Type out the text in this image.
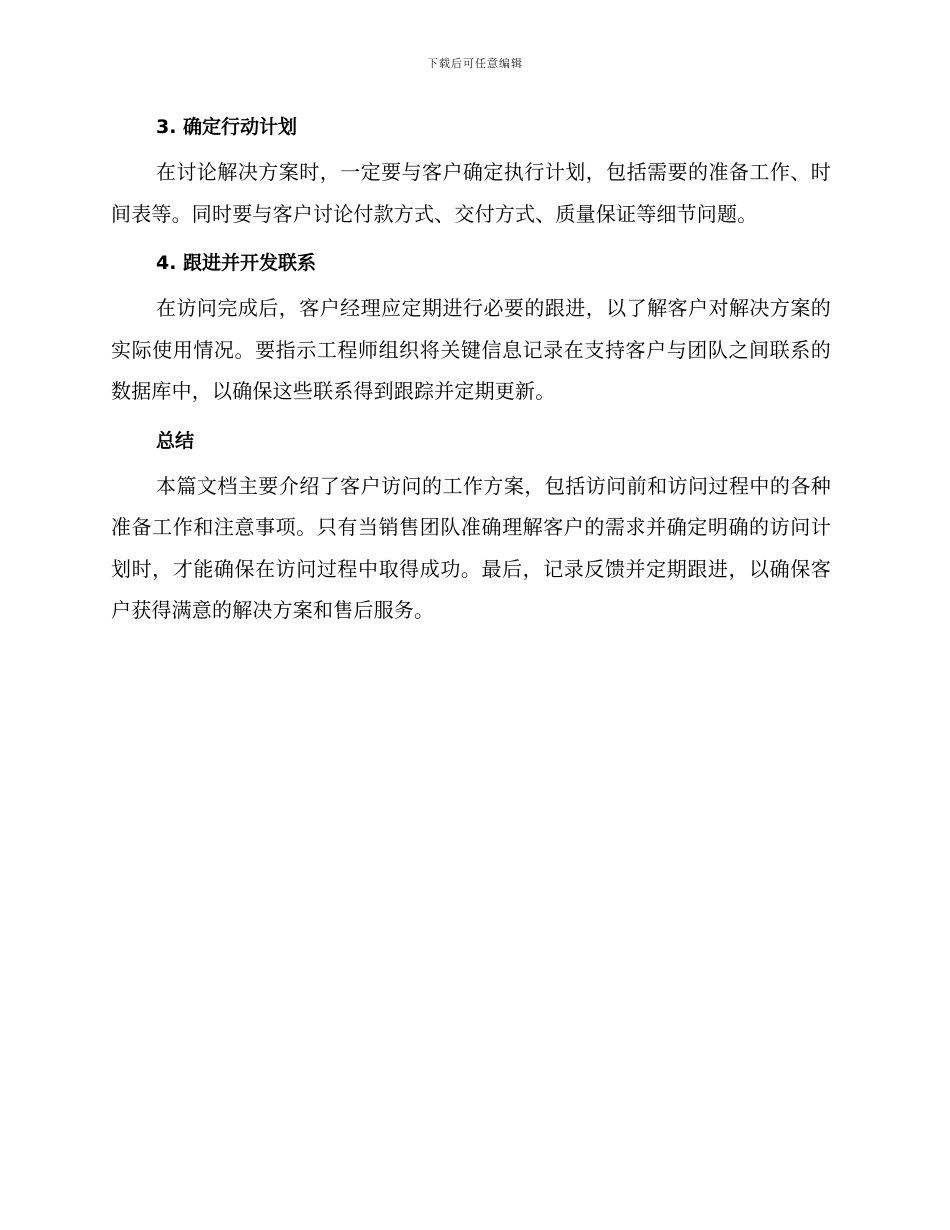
下载后可任意编辑
3. 确定行动计划

在讨论解决方案时，一定要与客户确定执行计划，包括需要的准备工作、时间表等。同时要与客户讨论付款方式、交付方式、质量保证等细节问题。

4. 跟进并开发联系

在访问完成后，客户经理应定期进行必要的跟进，以了解客户对解决方案的实际使用情况。要指示工程师组织将关键信息记录在支持客户与团队之间联系的数据库中，以确保这些联系得到跟踪并定期更新。

总结

本篇文档主要介绍了客户访问的工作方案，包括访问前和访问过程中的各种准备工作和注意事项。只有当销售团队准确理解客户的需求并确定明确的访问计划时，才能确保在访问过程中取得成功。最后，记录反馈并定期跟进，以确保客户获得满意的解决方案和售后服务。
